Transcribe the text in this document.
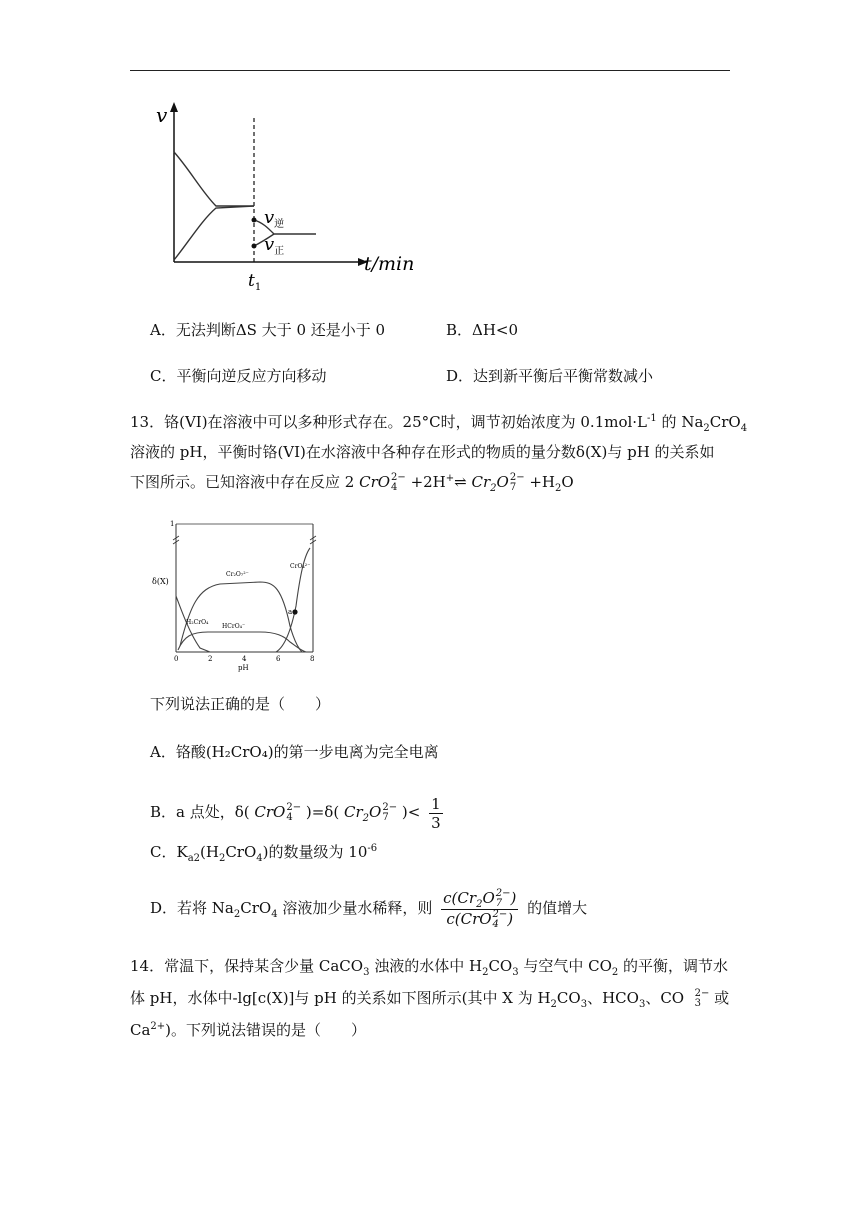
v
t/min
$t_1$
$v_逆$
$v_正$
A．无法判断ΔS 大于 0 还是小于 0	B．ΔH<0
C．平衡向逆反应方向移动	D．达到新平衡后平衡常数减小
13．铬(VI)在溶液中可以多种形式存在。25°C时，调节初始浓度为 $0.1mol\cdot L^{-1}$ 的 $Na_2CrO_4$
溶液的 pH，平衡时铬(VI)在水溶液中各种存在形式的物质的量分数δ(X)与 pH 的关系如
下图所示。已知溶液中存在反应 2 CrO 2−
4 +2H+⇌ $Cr_2O$ 2−
$7 +H_2O$
1
δ(X)
0	2	4	6	8
pH
a
Cr₂O₇²⁻
CrO₄²⁻
H₂CrO₄
HCrO₄⁻
下列说法正确的是（　　）
A．铬酸(H₂CrO₄)的第一步电离为完全电离
B．a 点处，δ( CrO 2−
4 )=δ( $Cr_2O$ 2−
7 )< $\frac{1}{3}$
C．$K_{a2}(H_2CrO_4)$的数量级为 $10^{-6}$
D．若将 $Na_2CrO_4$ 溶液加少量水稀释，则 $c(Cr_2O$ 2−
7 )
c(CrO 2−
4 ) 的值增大
14．常温下，保持某含少量 CaCO$_3$ 浊液的水体中 $H_2CO_3$ 与空气中 $CO_2$ 的平衡，调节水
体 pH，水体中-lg[c(X)]与 pH 的关系如下图所示(其中 X 为 $H_2CO_3$、$HCO_3$、CO 2−
3 或
$Ca^{2+}$)。下列说法错误的是（　　）
